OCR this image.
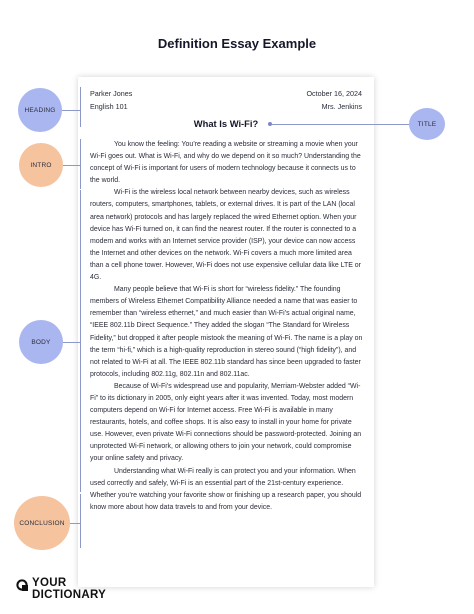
Definition Essay Example
Parker Jones
English 101
October 16, 2024
Mrs. Jenkins
What Is Wi-Fi?

You know the feeling: You’re reading a website or streaming a movie when your Wi-Fi goes out. What is Wi-Fi, and why do we depend on it so much? Understanding the concept of Wi-Fi is important for users of modern technology because it connects us to the world.

Wi-Fi is the wireless local network between nearby devices, such as wireless routers, computers, smartphones, tablets, or external drives. It is part of the LAN (local area network) protocols and has largely replaced the wired Ethernet option. When your device has Wi-Fi turned on, it can find the nearest router. If the router is connected to a modem and works with an Internet service provider (ISP), your device can now access the Internet and other devices on the network. Wi-Fi covers a much more limited area than a cell phone tower. However, Wi-Fi does not use expensive cellular data like LTE or 4G.

Many people believe that Wi-Fi is short for “wireless fidelity.” The founding members of Wireless Ethernet Compatibility Alliance needed a name that was easier to remember than “wireless ethernet,” and much easier than Wi-Fi’s actual original name, “IEEE 802.11b Direct Sequence.” They added the slogan “The Standard for Wireless Fidelity,” but dropped it after people mistook the meaning of Wi-Fi. The name is a play on the term “hi-fi,” which is a high-quality reproduction in stereo sound (“high fidelity”), and not related to Wi-Fi at all. The IEEE 802.11b standard has since been upgraded to faster protocols, including 802.11g, 802.11n and 802.11ac.

Because of Wi-Fi’s widespread use and popularity, Merriam-Webster added “Wi-Fi” to its dictionary in 2005, only eight years after it was invented. Today, most modern computers depend on Wi-Fi for Internet access. Free Wi-Fi is available in many restaurants, hotels, and coffee shops. It is also easy to install in your home for private use. However, even private Wi-Fi connections should be password-protected. Joining an unprotected Wi-Fi network, or allowing others to join your network, could compromise your online safety and privacy.

Understanding what Wi-Fi really is can protect you and your information. When used correctly and safely, Wi-Fi is an essential part of the 21st-century experience. Whether you’re watching your favorite show or finishing up a research paper, you should know more about how data travels to and from your device.

HEADING
TITLE
INTRO
BODY
CONCLUSION
YOUR
DICTIONARY
